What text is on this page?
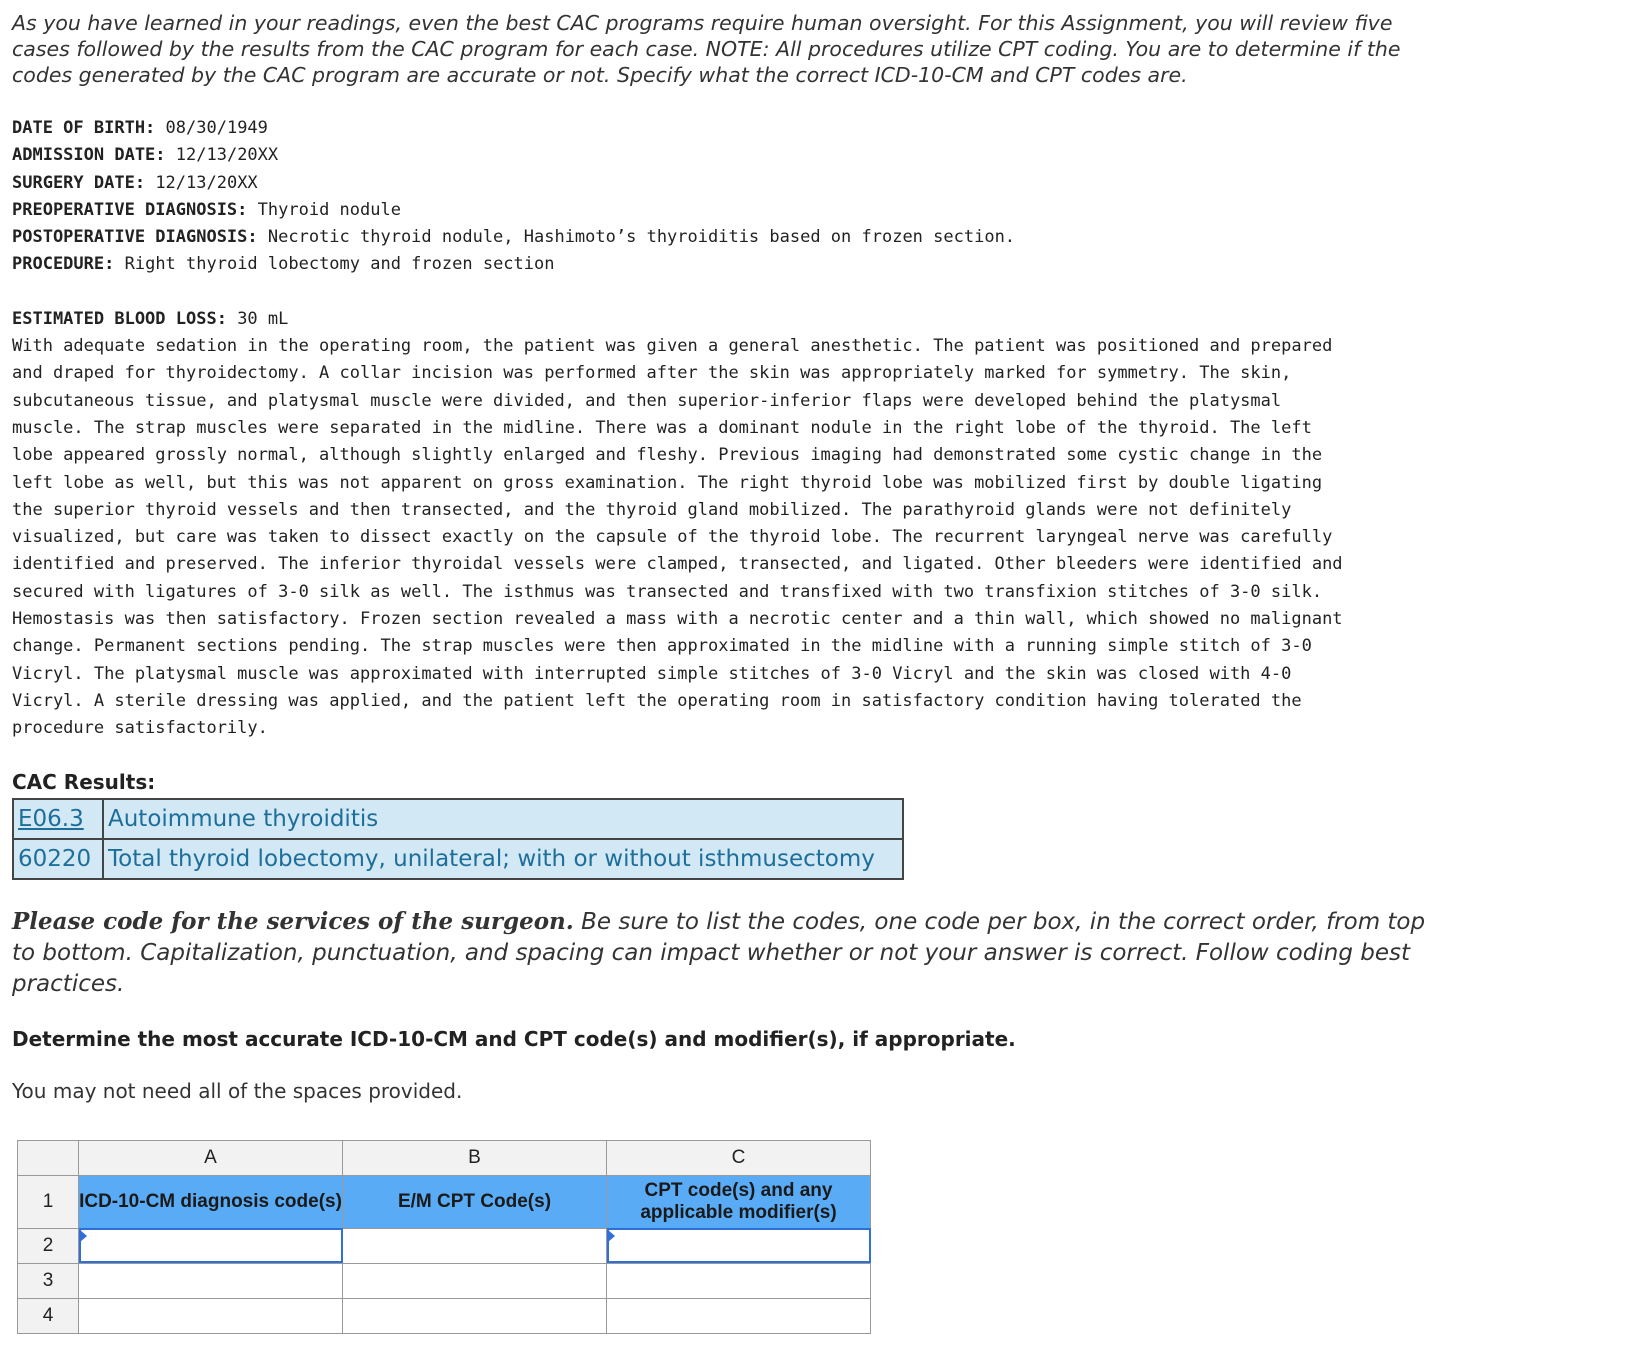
As you have learned in your readings, even the best CAC programs require human oversight. For this Assignment, you will review five cases followed by the results from the CAC program for each case. NOTE: All procedures utilize CPT coding. You are to determine if the codes generated by the CAC program are accurate or not. Specify what the correct ICD-10-CM and CPT codes are.

DATE OF BIRTH: 08/30/1949
ADMISSION DATE: 12/13/20XX
SURGERY DATE: 12/13/20XX
PREOPERATIVE DIAGNOSIS: Thyroid nodule
POSTOPERATIVE DIAGNOSIS: Necrotic thyroid nodule, Hashimoto’s thyroiditis based on frozen section.
PROCEDURE: Right thyroid lobectomy and frozen section
ESTIMATED BLOOD LOSS: 30 mL
With adequate sedation in the operating room, the patient was given a general anesthetic. The patient was positioned and prepared
and draped for thyroidectomy. A collar incision was performed after the skin was appropriately marked for symmetry. The skin,
subcutaneous tissue, and platysmal muscle were divided, and then superior-inferior flaps were developed behind the platysmal
muscle. The strap muscles were separated in the midline. There was a dominant nodule in the right lobe of the thyroid. The left
lobe appeared grossly normal, although slightly enlarged and fleshy. Previous imaging had demonstrated some cystic change in the
left lobe as well, but this was not apparent on gross examination. The right thyroid lobe was mobilized first by double ligating
the superior thyroid vessels and then transected, and the thyroid gland mobilized. The parathyroid glands were not definitely
visualized, but care was taken to dissect exactly on the capsule of the thyroid lobe. The recurrent laryngeal nerve was carefully
identified and preserved. The inferior thyroidal vessels were clamped, transected, and ligated. Other bleeders were identified and
secured with ligatures of 3-0 silk as well. The isthmus was transected and transfixed with two transfixion stitches of 3-0 silk.
Hemostasis was then satisfactory. Frozen section revealed a mass with a necrotic center and a thin wall, which showed no malignant
change. Permanent sections pending. The strap muscles were then approximated in the midline with a running simple stitch of 3-0
Vicryl. The platysmal muscle was approximated with interrupted simple stitches of 3-0 Vicryl and the skin was closed with 4-0
Vicryl. A sterile dressing was applied, and the patient left the operating room in satisfactory condition having tolerated the
procedure satisfactorily.
CAC Results:
E06.3	Autoimmune thyroiditis
60220	Total thyroid lobectomy, unilateral; with or without isthmusectomy
Please code for the services of the surgeon. Be sure to list the codes, one code per box, in the correct order, from top to bottom. Capitalization, punctuation, and spacing can impact whether or not your answer is correct. Follow coding best practices.
Determine the most accurate ICD-10-CM and CPT code(s) and modifier(s), if appropriate.
You may not need all of the spaces provided.
	A	B	C
1	ICD-10-CM diagnosis code(s)	E/M CPT Code(s)	CPT code(s) and any applicable modifier(s)
2	

3			
4			
